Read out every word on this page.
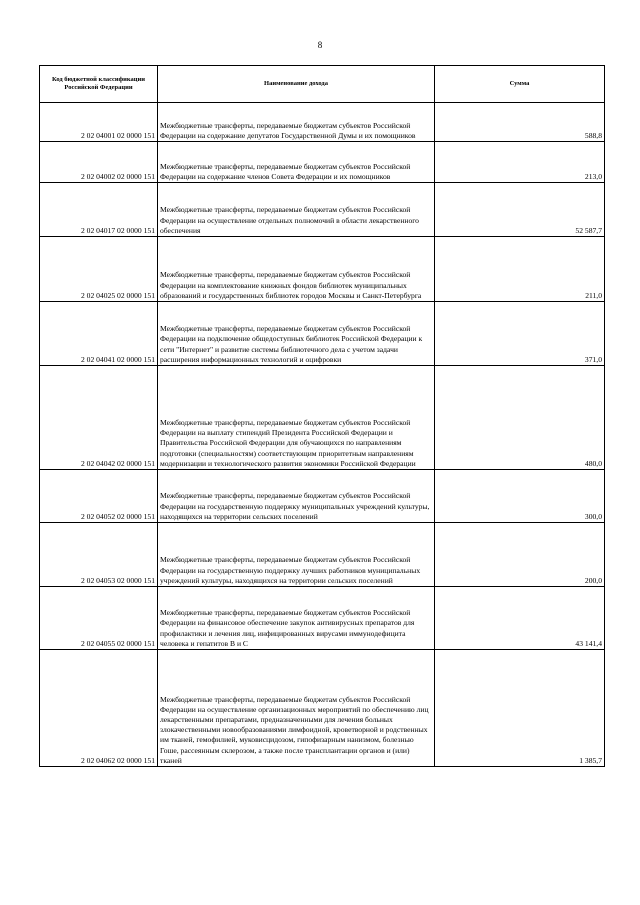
8
Код бюджетной классификации Российской Федерации	Наименование дохода	Сумма
2 02 04001 02 0000 151	Межбюджетные трансферты, передаваемые бюджетам субъектов Российской Федерации на содержание депутатов Государственной Думы и их помощников	588,8
2 02 04002 02 0000 151	Межбюджетные трансферты, передаваемые бюджетам субъектов Российской Федерации на содержание членов Совета Федерации и их помощников	213,0
2 02 04017 02 0000 151	Межбюджетные трансферты, передаваемые бюджетам субъектов Российской Федерации на осуществление отдельных полномочий в области лекарственного обеспечения	52 587,7
2 02 04025 02 0000 151	Межбюджетные трансферты, передаваемые бюджетам субъектов Российской Федерации на комплектование книжных фондов библиотек муниципальных образований и государственных библиотек городов Москвы и Санкт-Петербурга	211,0
2 02 04041 02 0000 151	Межбюджетные трансферты, передаваемые бюджетам субъектов Российской Федерации на подключение общедоступных библиотек Российской Федерации к сети "Интернет" и развитие системы библиотечного дела с учетом задачи расширения информационных технологий и оцифровки	371,0
2 02 04042 02 0000 151	Межбюджетные трансферты, передаваемые бюджетам субъектов Российской Федерации на выплату стипендий Президента Российской Федерации и Правительства Российской Федерации для обучающихся по направлениям подготовки (специальностям) соответствующим приоритетным направлениям модернизации и технологического развития экономики Российской Федерации	480,0
2 02 04052 02 0000 151	Межбюджетные трансферты, передаваемые бюджетам субъектов Российской Федерации на государственную поддержку муниципальных учреждений культуры, находящихся на территории сельских поселений	300,0
2 02 04053 02 0000 151	Межбюджетные трансферты, передаваемые бюджетам субъектов Российской Федерации на государственную поддержку лучших работников муниципальных учреждений культуры, находящихся на территории сельских поселений	200,0
2 02 04055 02 0000 151	Межбюджетные трансферты, передаваемые бюджетам субъектов Российской Федерации на финансовое обеспечение закупок антивирусных препаратов для профилактики и лечения лиц, инфицированных вирусами иммунодефицита человека и гепатитов B и C	43 141,4
2 02 04062 02 0000 151	Межбюджетные трансферты, передаваемые бюджетам субъектов Российской Федерации на осуществление организационных мероприятий по обеспечению лиц лекарственными препаратами, предназначенными для лечения больных злокачественными новообразованиями лимфоидной, кроветворной и родственных им тканей, гемофилией, муковисцидозом, гипофизарным нанизмом, болезнью Гоше, рассеянным склерозом, а также после трансплантации органов и (или) тканей	1 385,7
